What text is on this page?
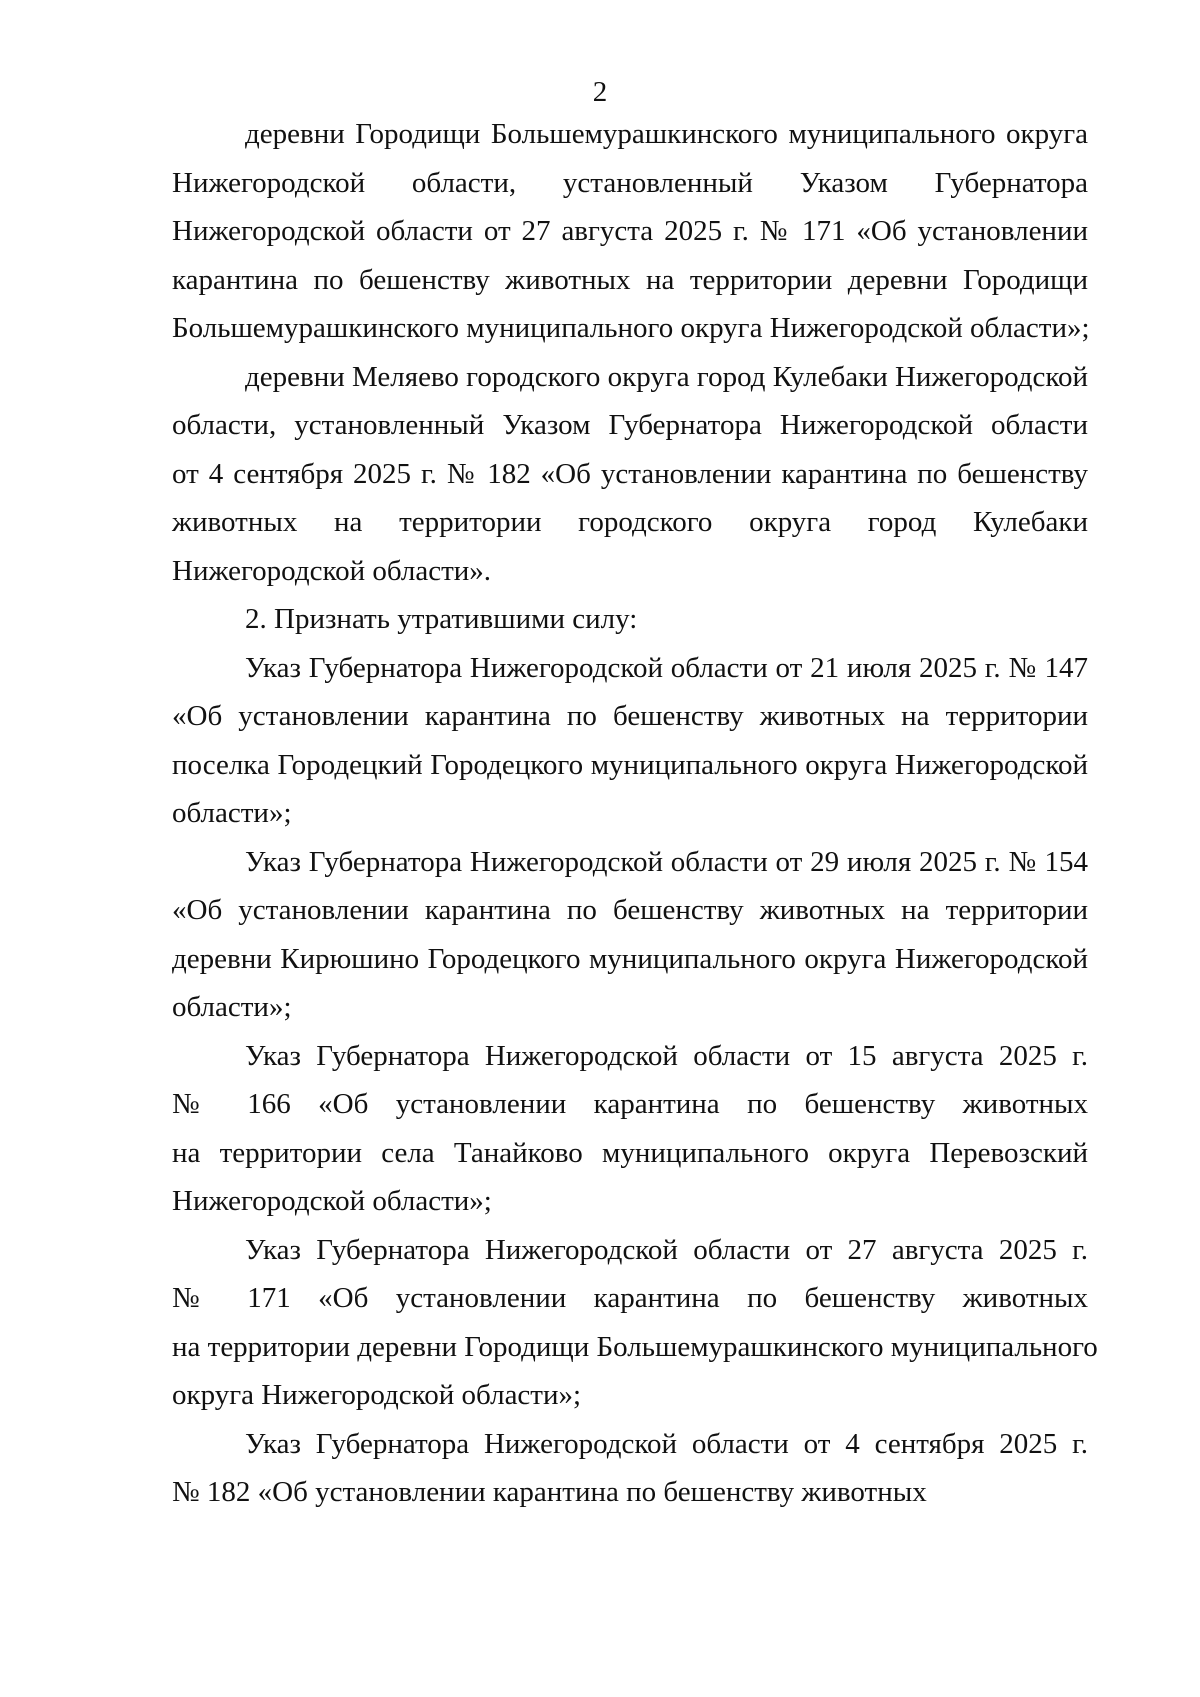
2
деревни Городищи Большемурашкинского муниципального округа
Нижегородской области, установленный Указом Губернатора
Нижегородской области от 27 августа 2025 г. № 171 «Об установлении
карантина по бешенству животных на территории деревни Городищи
Большемурашкинского муниципального округа Нижегородской области»;
деревни Меляево городского округа город Кулебаки Нижегородской
области, установленный Указом Губернатора Нижегородской области
от 4 сентября 2025 г. № 182 «Об установлении карантина по бешенству
животных на территории городского округа город Кулебаки
Нижегородской области».
2. Признать утратившими силу:
Указ Губернатора Нижегородской области от 21 июля 2025 г. № 147
«Об установлении карантина по бешенству животных на территории
поселка Городецкий Городецкого муниципального округа Нижегородской
области»;
Указ Губернатора Нижегородской области от 29 июля 2025 г. № 154
«Об установлении карантина по бешенству животных на территории
деревни Кирюшино Городецкого муниципального округа Нижегородской
области»;
Указ Губернатора Нижегородской области от 15 августа 2025 г.
№ 166 «Об установлении карантина по бешенству животных
на территории села Танайково муниципального округа Перевозский
Нижегородской области»;
Указ Губернатора Нижегородской области от 27 августа 2025 г.
№ 171 «Об установлении карантина по бешенству животных
на территории деревни Городищи Большемурашкинского муниципального
округа Нижегородской области»;
Указ Губернатора Нижегородской области от 4 сентября 2025 г.
№ 182 «Об установлении карантина по бешенству животных
